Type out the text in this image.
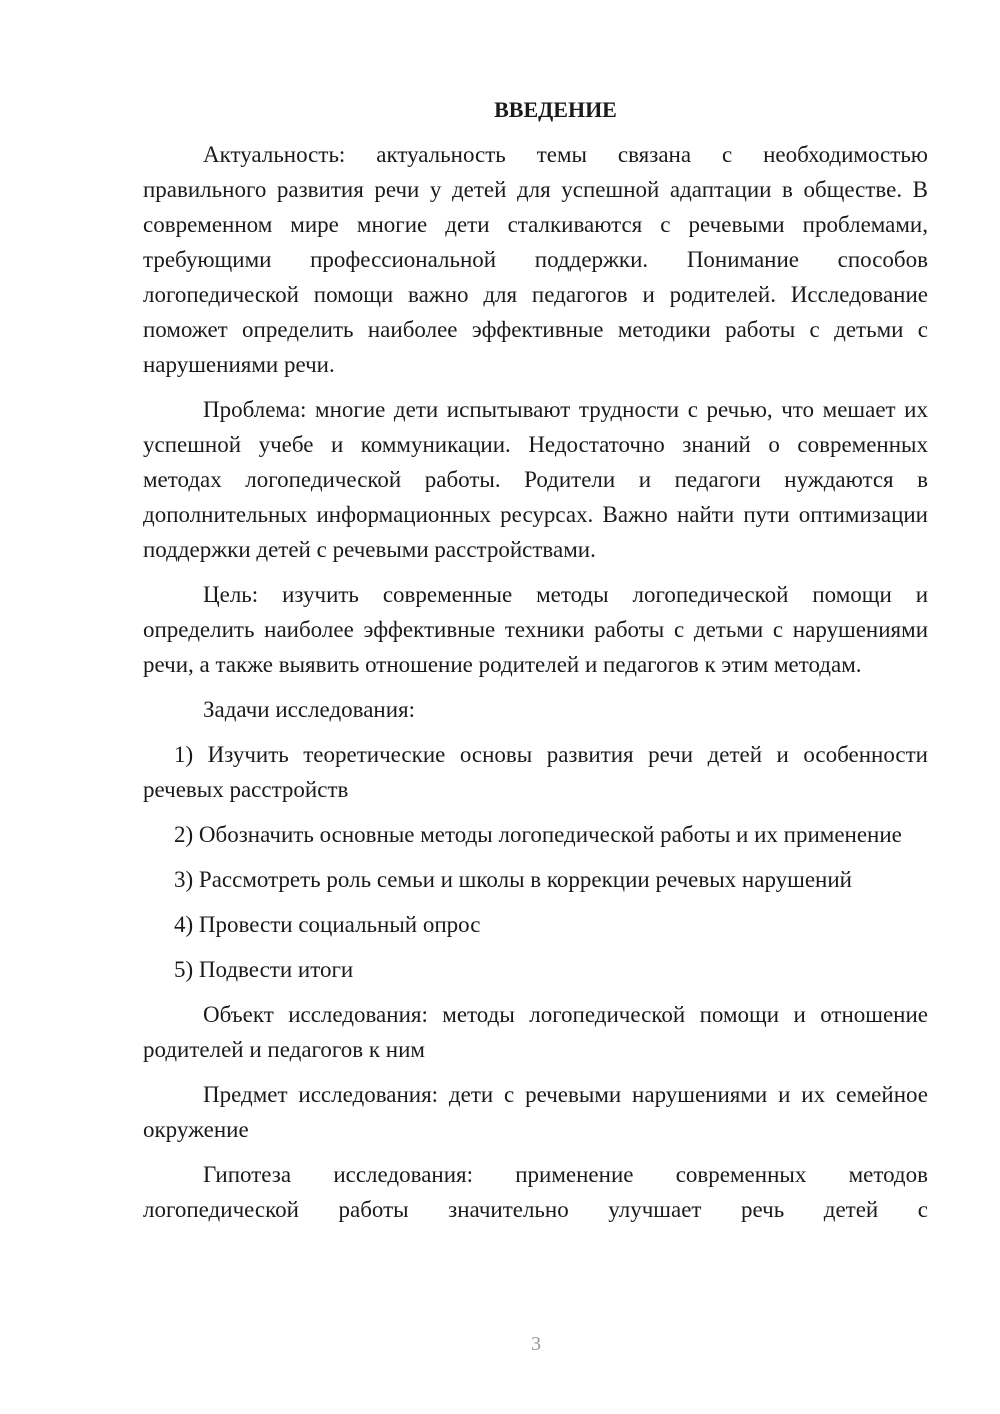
ВВЕДЕНИЕ

Актуальность: актуальность темы связана с необходимостью правильного развития речи у детей для успешной адаптации в обществе. В современном мире многие дети сталкиваются с речевыми проблемами, требующими профессиональной поддержки. Понимание способов логопедической помощи важно для педагогов и родителей. Исследование поможет определить наиболее эффективные методики работы с детьми с нарушениями речи.

Проблема: многие дети испытывают трудности с речью, что мешает их успешной учебе и коммуникации. Недостаточно знаний о современных методах логопедической работы. Родители и педагоги нуждаются в дополнительных информационных ресурсах. Важно найти пути оптимизации поддержки детей с речевыми расстройствами.

Цель: изучить современные методы логопедической помощи и определить наиболее эффективные техники работы с детьми с нарушениями речи, а также выявить отношение родителей и педагогов к этим методам.

Задачи исследования:

1) Изучить теоретические основы развития речи детей и особенности речевых расстройств

2) Обозначить основные методы логопедической работы и их применение

3) Рассмотреть роль семьи и школы в коррекции речевых нарушений

4) Провести социальный опрос

5) Подвести итоги

Объект исследования: методы логопедической помощи и отношение родителей и педагогов к ним

Предмет исследования: дети с речевыми нарушениями и их семейное окружение

Гипотеза исследования: применение современных методов логопедической работы значительно улучшает речь детей с

3
